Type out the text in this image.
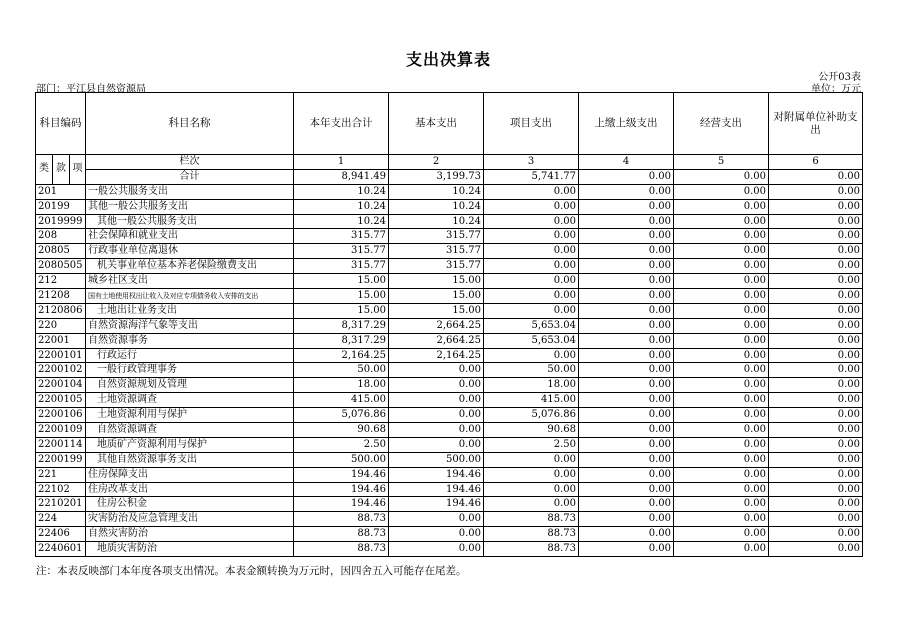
支出决算表
公开03表
部门：平江县自然资源局	单位：万元
科目编码			科目名称	本年支出合计	基本支出	项目支出	上缴上级支出	经营支出	对附属单位补助支出
类	款	项	栏次	1	2	3	4	5	6
			合计	8,941.49	3,199.73	5,741.77	0.00	0.00	0.00
201			一般公共服务支出	10.24	10.24	0.00	0.00	0.00	0.00
20199			其他一般公共服务支出	10.24	10.24	0.00	0.00	0.00	0.00
2019999			其他一般公共服务支出	10.24	10.24	0.00	0.00	0.00	0.00
208			社会保障和就业支出	315.77	315.77	0.00	0.00	0.00	0.00
20805			行政事业单位离退休	315.77	315.77	0.00	0.00	0.00	0.00
2080505			机关事业单位基本养老保险缴费支出	315.77	315.77	0.00	0.00	0.00	0.00
212			城乡社区支出	15.00	15.00	0.00	0.00	0.00	0.00
21208			国有土地使用权出让收入及对应专项债务收入安排的支出	15.00	15.00	0.00	0.00	0.00	0.00
2120806			土地出让业务支出	15.00	15.00	0.00	0.00	0.00	0.00
220			自然资源海洋气象等支出	8,317.29	2,664.25	5,653.04	0.00	0.00	0.00
22001			自然资源事务	8,317.29	2,664.25	5,653.04	0.00	0.00	0.00
2200101			行政运行	2,164.25	2,164.25	0.00	0.00	0.00	0.00
2200102			一般行政管理事务	50.00	0.00	50.00	0.00	0.00	0.00
2200104			自然资源规划及管理	18.00	0.00	18.00	0.00	0.00	0.00
2200105			土地资源调查	415.00	0.00	415.00	0.00	0.00	0.00
2200106			土地资源利用与保护	5,076.86	0.00	5,076.86	0.00	0.00	0.00
2200109			自然资源调查	90.68	0.00	90.68	0.00	0.00	0.00
2200114			地质矿产资源利用与保护	2.50	0.00	2.50	0.00	0.00	0.00
2200199			其他自然资源事务支出	500.00	500.00	0.00	0.00	0.00	0.00
221			住房保障支出	194.46	194.46	0.00	0.00	0.00	0.00
22102			住房改革支出	194.46	194.46	0.00	0.00	0.00	0.00
2210201			住房公积金	194.46	194.46	0.00	0.00	0.00	0.00
224			灾害防治及应急管理支出	88.73	0.00	88.73	0.00	0.00	0.00
22406			自然灾害防治	88.73	0.00	88.73	0.00	0.00	0.00
2240601			地质灾害防治	88.73	0.00	88.73	0.00	0.00	0.00
注：本表反映部门本年度各项支出情况。本表金额转换为万元时，因四舍五入可能存在尾差。
